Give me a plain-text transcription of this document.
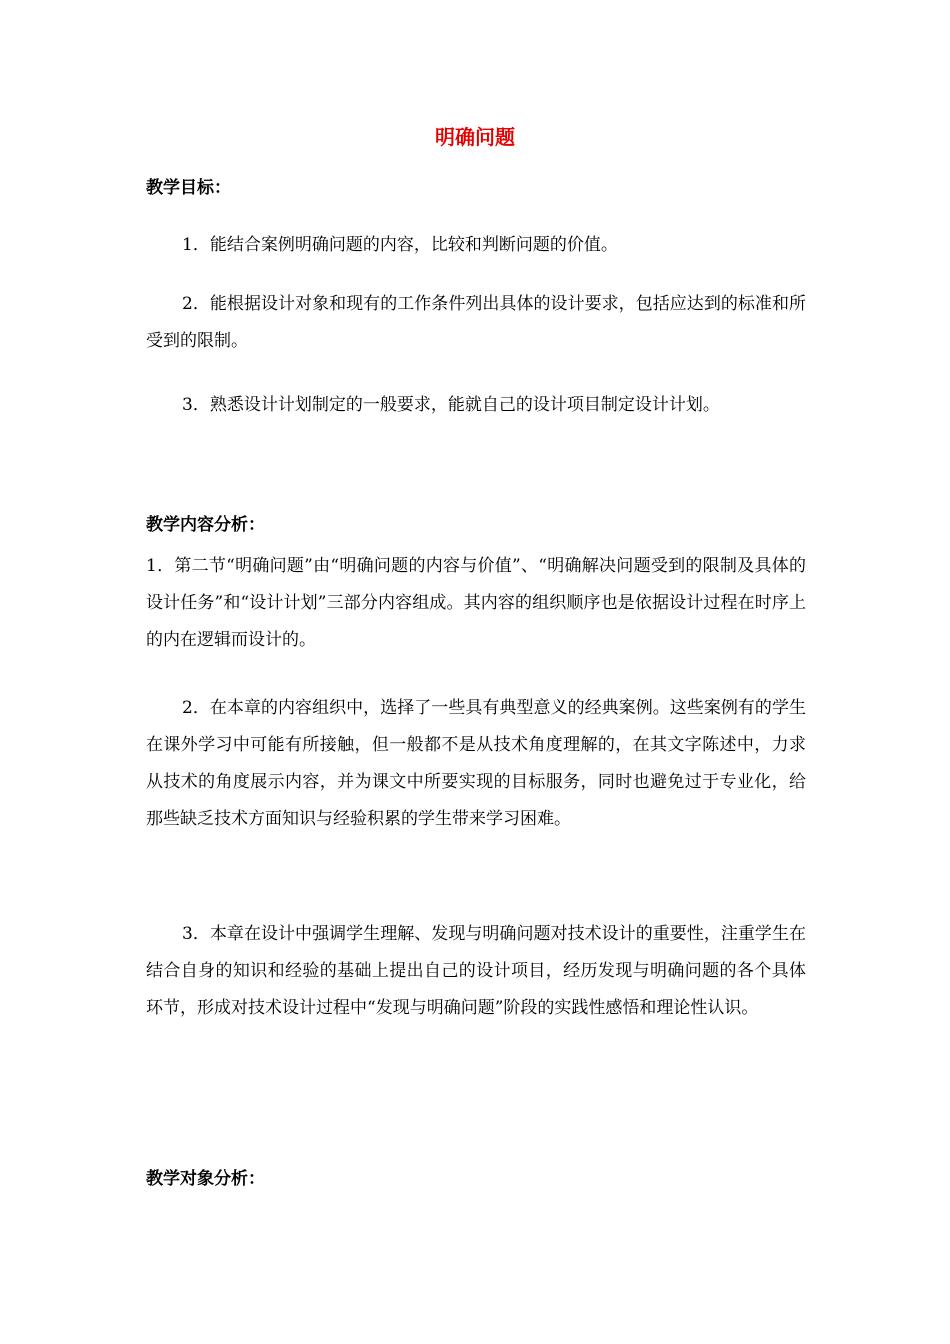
明确问题
教学目标：

1．能结合案例明确问题的内容，比较和判断问题的价值。

2．能根据设计对象和现有的工作条件列出具体的设计要求，包括应达到的标准和所受到的限制。

3．熟悉设计计划制定的一般要求，能就自己的设计项目制定设计计划。

教学内容分析：

1．第二节“明确问题”由“明确问题的内容与价值”、“明确解决问题受到的限制及具体的设计任务”和“设计计划”三部分内容组成。其内容的组织顺序也是依据设计过程在时序上的内在逻辑而设计的。

2．在本章的内容组织中，选择了一些具有典型意义的经典案例。这些案例有的学生在课外学习中可能有所接触，但一般都不是从技术角度理解的，在其文字陈述中，力求从技术的角度展示内容，并为课文中所要实现的目标服务，同时也避免过于专业化，给那些缺乏技术方面知识与经验积累的学生带来学习困难。

3．本章在设计中强调学生理解、发现与明确问题对技术设计的重要性，注重学生在结合自身的知识和经验的基础上提出自己的设计项目，经历发现与明确问题的各个具体环节，形成对技术设计过程中“发现与明确问题”阶段的实践性感悟和理论性认识。

教学对象分析：
